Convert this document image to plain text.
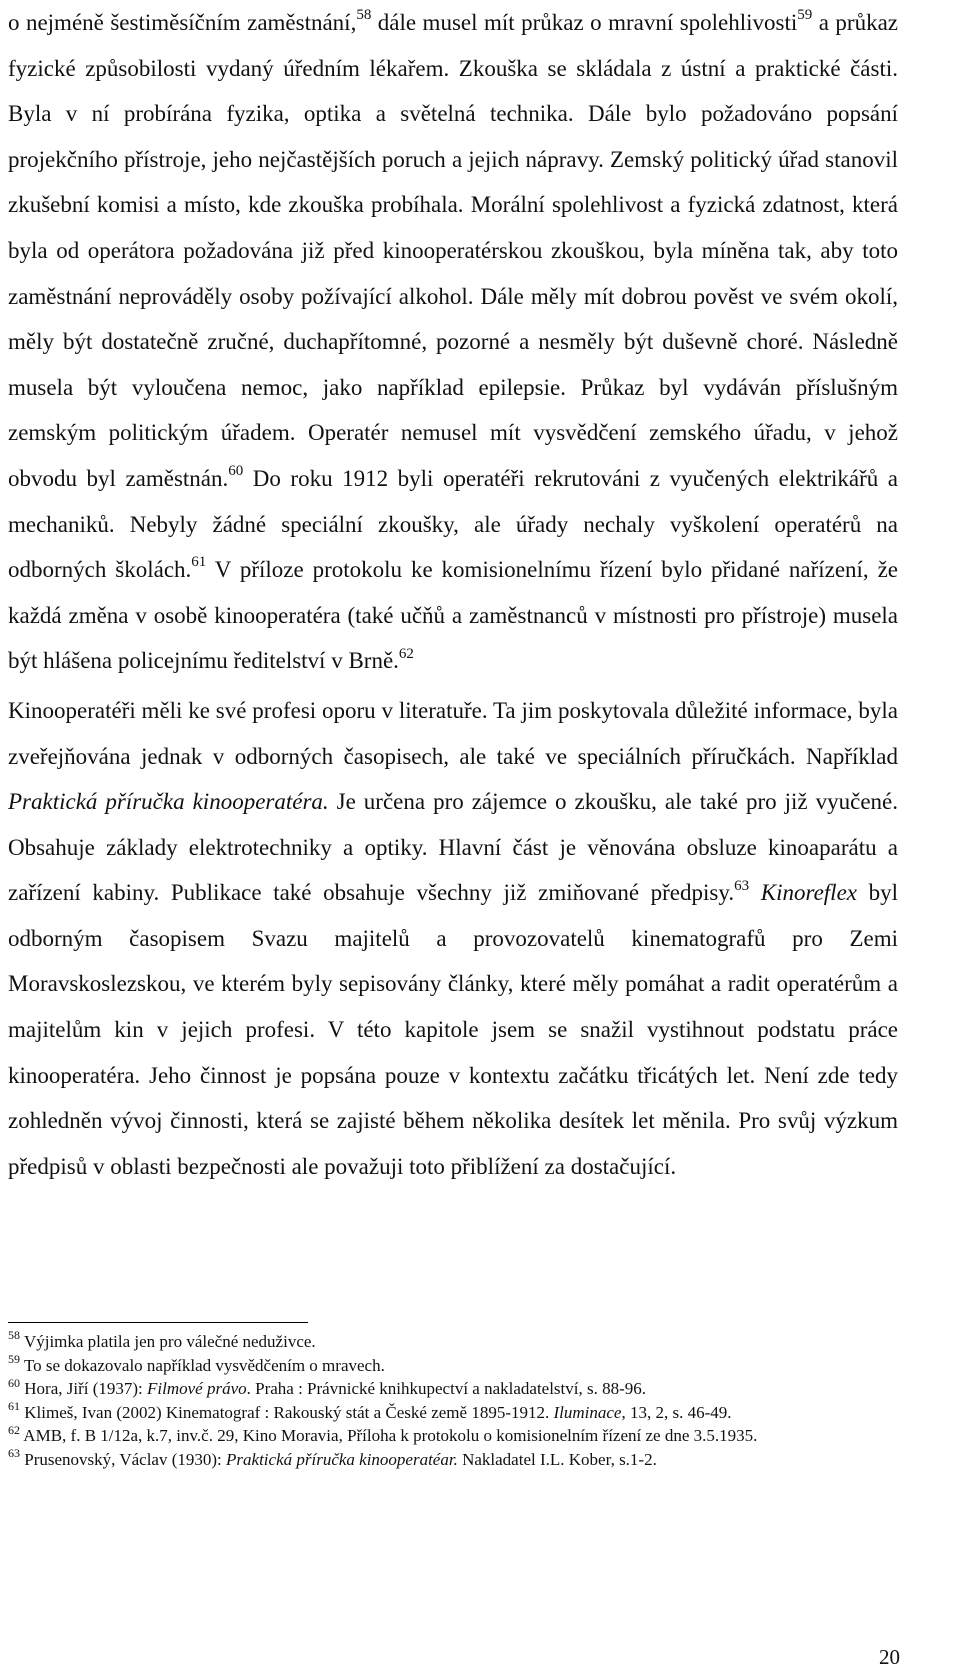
o nejméně šestiměsíčním zaměstnání,$^{58}$ dále musel mít průkaz o mravní spolehlivosti$^{59}$ a průkaz fyzické způsobilosti vydaný úředním lékařem. Zkouška se skládala z ústní a praktické části. Byla v ní probírána fyzika, optika a světelná technika. Dále bylo požadováno popsání projekčního přístroje, jeho nejčastějších poruch a jejich nápravy. Zemský politický úřad stanovil zkušební komisi a místo, kde zkouška probíhala. Morální spolehlivost a fyzická zdatnost, která byla od operátora požadována již před kinooperatérskou zkouškou, byla míněna tak, aby toto zaměstnání neprováděly osoby požívající alkohol. Dále měly mít dobrou pověst ve svém okolí, měly být dostatečně zručné, duchapřítomné, pozorné a nesměly být duševně choré. Následně musela být vyloučena nemoc, jako například epilepsie. Průkaz byl vydáván příslušným zemským politickým úřadem. Operatér nemusel mít vysvědčení zemského úřadu, v jehož obvodu byl zaměstnán.$^{60}$ Do roku 1912 byli operatéři rekrutováni z vyučených elektrikářů a mechaniků. Nebyly žádné speciální zkoušky, ale úřady nechaly vyškolení operatérů na odborných školách.$^{61}$ V příloze protokolu ke komisionelnímu řízení bylo přidané nařízení, že každá změna v osobě kinooperatéra (také učňů a zaměstnanců v místnosti pro přístroje) musela být hlášena policejnímu ředitelství v Brně.$^{62}$

Kinooperatéři měli ke své profesi oporu v literatuře. Ta jim poskytovala důležité informace, byla zveřejňována jednak v odborných časopisech, ale také ve speciálních příručkách. Například Praktická příručka kinooperatéra. Je určena pro zájemce o zkoušku, ale také pro již vyučené. Obsahuje základy elektrotechniky a optiky. Hlavní část je věnována obsluze kinoaparátu a zařízení kabiny. Publikace také obsahuje všechny již zmiňované předpisy.$^{63}$ Kinoreflex byl odborným časopisem Svazu majitelů a provozovatelů kinematografů pro Zemi Moravskoslezskou, ve kterém byly sepisovány články, které měly pomáhat a radit operatérům a majitelům kin v jejich profesi. V této kapitole jsem se snažil vystihnout podstatu práce kinooperatéra. Jeho činnost je popsána pouze v kontextu začátku třicátých let. Není zde tedy zohledněn vývoj činnosti, která se zajisté během několika desítek let měnila. Pro svůj výzkum předpisů v oblasti bezpečnosti ale považuji toto přiblížení za dostačující.

$^{58}$ Výjimka platila jen pro válečné neduživce.

$^{59}$ To se dokazovalo například vysvědčením o mravech.

$^{60}$ Hora, Jiří (1937): Filmové právo. Praha : Právnické knihkupectví a nakladatelství, s. 88-96.

$^{61}$ Klimeš, Ivan (2002) Kinematograf : Rakouský stát a České země 1895-1912. Iluminace, 13, 2, s. 46-49.

$^{62}$ AMB, f. B 1/12a, k.7, inv.č. 29, Kino Moravia, Příloha k protokolu o komisionelním řízení ze dne 3.5.1935.

$^{63}$ Prusenovský, Václav (1930): Praktická příručka kinooperatéar. Nakladatel I.L. Kober, s.1-2.

20
